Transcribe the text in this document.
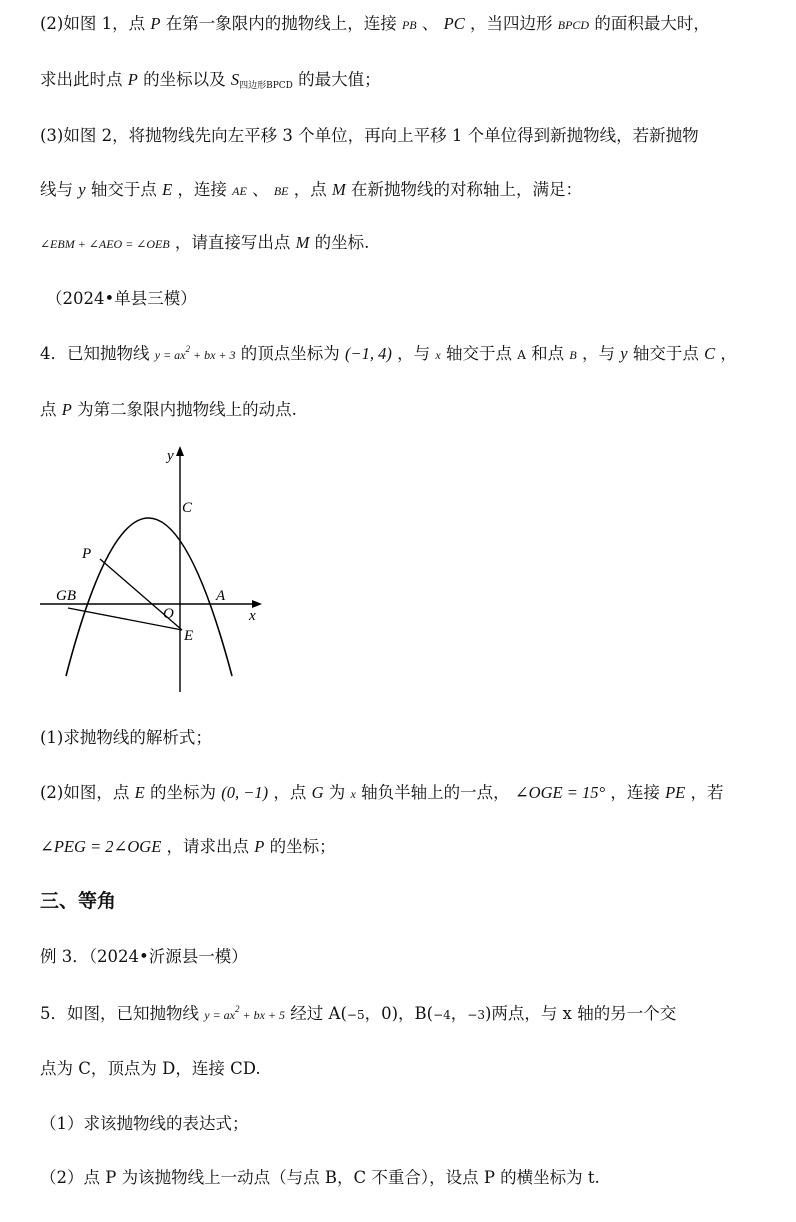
(2)如图 1，点 P 在第一象限内的抛物线上，连接 PB 、 PC ，当四边形 BPCD 的面积最大时，
求出此时点 P 的坐标以及 $S_{四边形BPCD}$ 的最大值；
(3)如图 2，将抛物线先向左平移 3 个单位，再向上平移 1 个单位得到新抛物线，若新抛物
线与 y 轴交于点 E ，连接 AE 、 BE ，点 M 在新抛物线的对称轴上，满足：
∠EBM + ∠AEO = ∠OEB ，请直接写出点 M 的坐标.
（2024•单县三模）
4．已知抛物线 $y = ax^2$ + bx + 3 的顶点坐标为 (−1, 4) ，与 x 轴交于点 A 和点 B ，与 y 轴交于点 C ，
点 P 为第二象限内抛物线上的动点.
y
x
C
P
GB
O
A
E
(1)求抛物线的解析式；
(2)如图，点 E 的坐标为 (0, −1) ，点 G 为 x 轴负半轴上的一点， ∠OGE = 15° ，连接 PE ，若
∠PEG = 2∠OGE ，请求出点 P 的坐标；
三、等角
例 3．（2024•沂源县一模）
5．如图，已知抛物线 $y = ax^2$ + bx + 5 经过 A(−5，0)，B(−4，−3)两点，与 x 轴的另一个交
点为 C，顶点为 D，连接 CD.
（1）求该抛物线的表达式；
（2）点 P 为该抛物线上一动点（与点 B，C 不重合），设点 P 的横坐标为 t.
